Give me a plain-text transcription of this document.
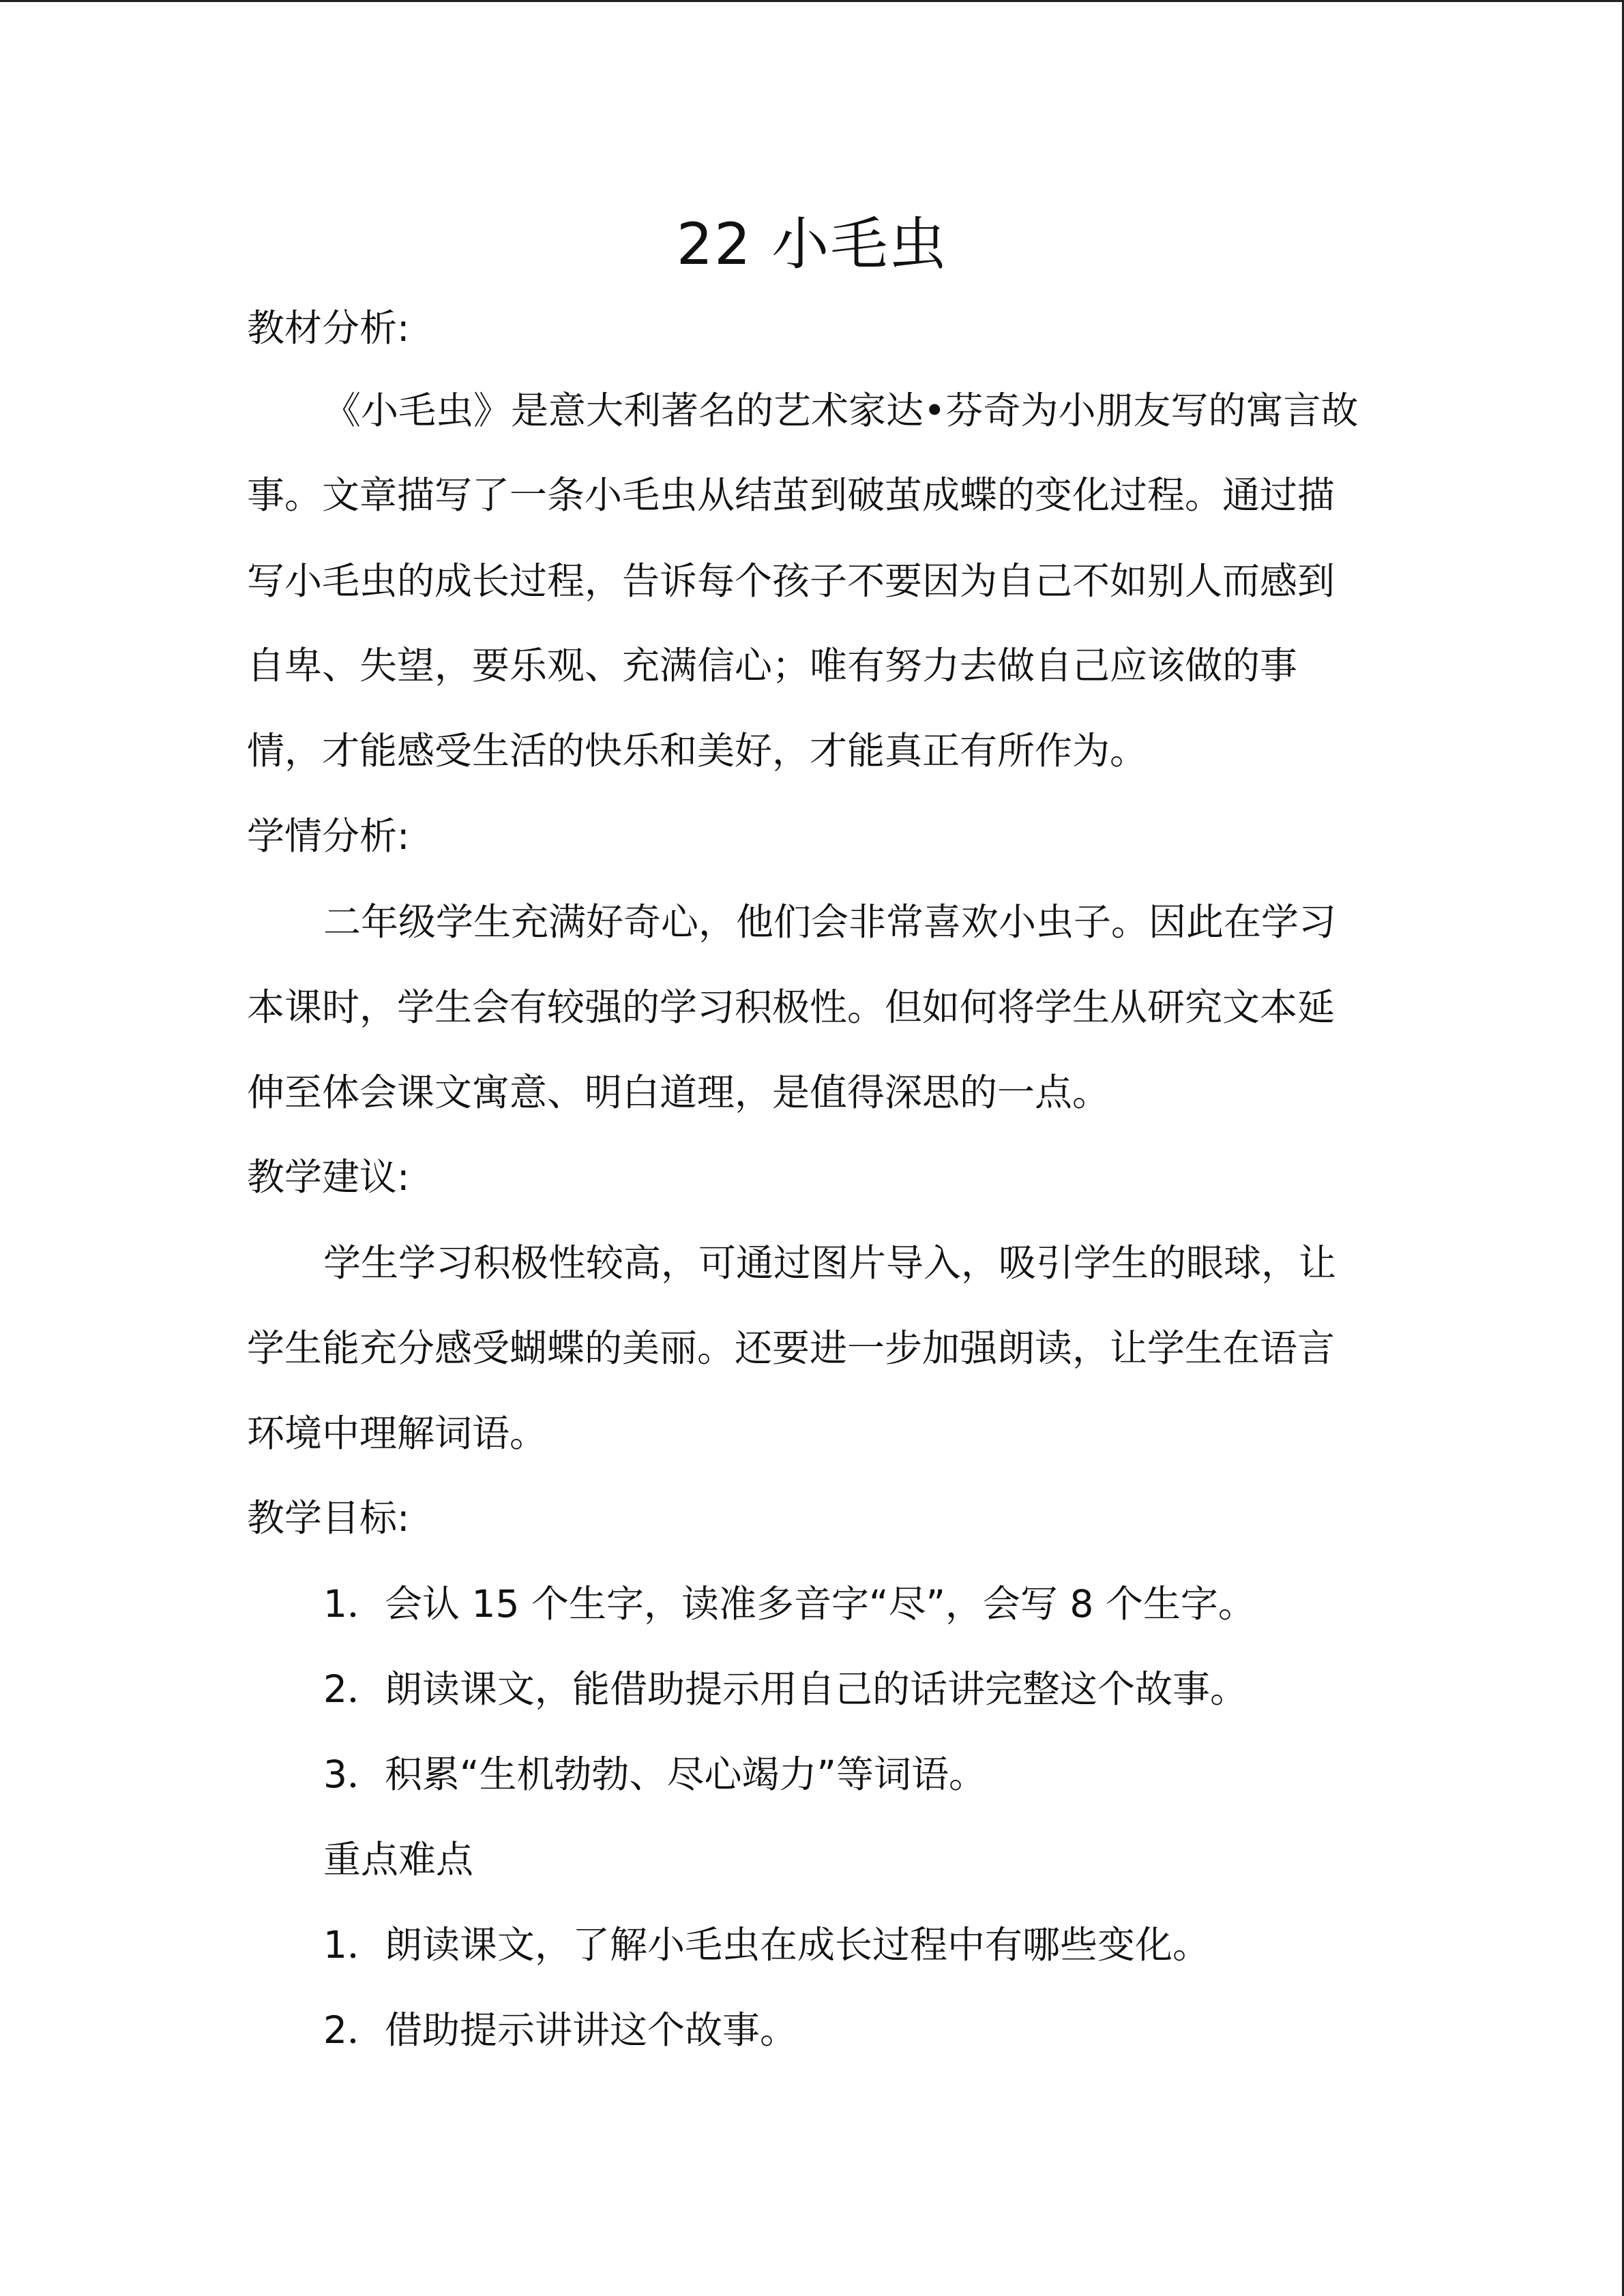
22 小毛虫
教材分析:
《小毛虫》是意大利著名的艺术家达•芬奇为小朋友写的寓言故
事。文章描写了一条小毛虫从结茧到破茧成蝶的变化过程。通过描
写小毛虫的成长过程，告诉每个孩子不要因为自己不如别人而感到
自卑、失望，要乐观、充满信心；唯有努力去做自己应该做的事
情，才能感受生活的快乐和美好，才能真正有所作为。
学情分析:
二年级学生充满好奇心，他们会非常喜欢小虫子。因此在学习
本课时，学生会有较强的学习积极性。但如何将学生从研究文本延
伸至体会课文寓意、明白道理，是值得深思的一点。
教学建议:
学生学习积极性较高，可通过图片导入，吸引学生的眼球，让
学生能充分感受蝴蝶的美丽。还要进一步加强朗读，让学生在语言
环境中理解词语。
教学目标:
1．会认 15 个生字，读准多音字“尽”，会写 8 个生字。
2．朗读课文，能借助提示用自己的话讲完整这个故事。
3．积累“生机勃勃、尽心竭力”等词语。
重点难点
1．朗读课文，了解小毛虫在成长过程中有哪些变化。
2．借助提示讲讲这个故事。
